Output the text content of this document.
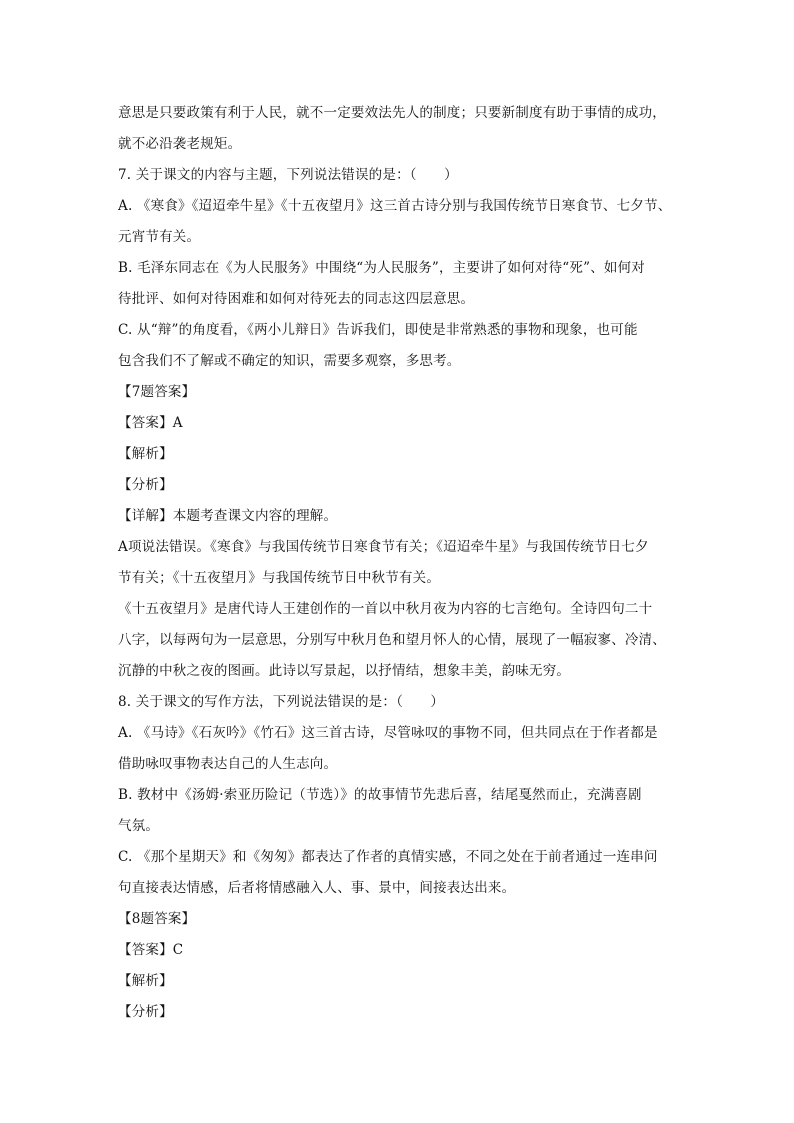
意思是只要政策有利于人民，就不一定要效法先人的制度；只要新制度有助于事情的成功，
就不必沿袭老规矩。
7. 关于课文的内容与主题，下列说法错误的是：（　　）
A. 《寒食》《迢迢牵牛星》《十五夜望月》这三首古诗分别与我国传统节日寒食节、七夕节、
元宵节有关。
B. 毛泽东同志在《为人民服务》中围绕“为人民服务”，主要讲了如何对待“死”、如何对
待批评、如何对待困难和如何对待死去的同志这四层意思。
C. 从“辩”的角度看，《两小儿辩日》告诉我们，即使是非常熟悉的事物和现象，也可能
包含我们不了解或不确定的知识，需要多观察，多思考。
【7题答案】
【答案】A
【解析】
【分析】
【详解】本题考查课文内容的理解。
A项说法错误。《寒食》与我国传统节日寒食节有关；《迢迢牵牛星》与我国传统节日七夕
节有关；《十五夜望月》与我国传统节日中秋节有关。
《十五夜望月》是唐代诗人王建创作的一首以中秋月夜为内容的七言绝句。全诗四句二十
八字，以每两句为一层意思，分别写中秋月色和望月怀人的心情，展现了一幅寂寥、冷清、
沉静的中秋之夜的图画。此诗以写景起，以抒情结，想象丰美，韵味无穷。
8. 关于课文的写作方法，下列说法错误的是：（　　）
A. 《马诗》《石灰吟》《竹石》这三首古诗，尽管咏叹的事物不同，但共同点在于作者都是
借助咏叹事物表达自己的人生志向。
B. 教材中《汤姆·索亚历险记（节选）》的故事情节先悲后喜，结尾戛然而止，充满喜剧
气氛。
C. 《那个星期天》和《匆匆》都表达了作者的真情实感，不同之处在于前者通过一连串问
句直接表达情感，后者将情感融入人、事、景中，间接表达出来。
【8题答案】
【答案】C
【解析】
【分析】
